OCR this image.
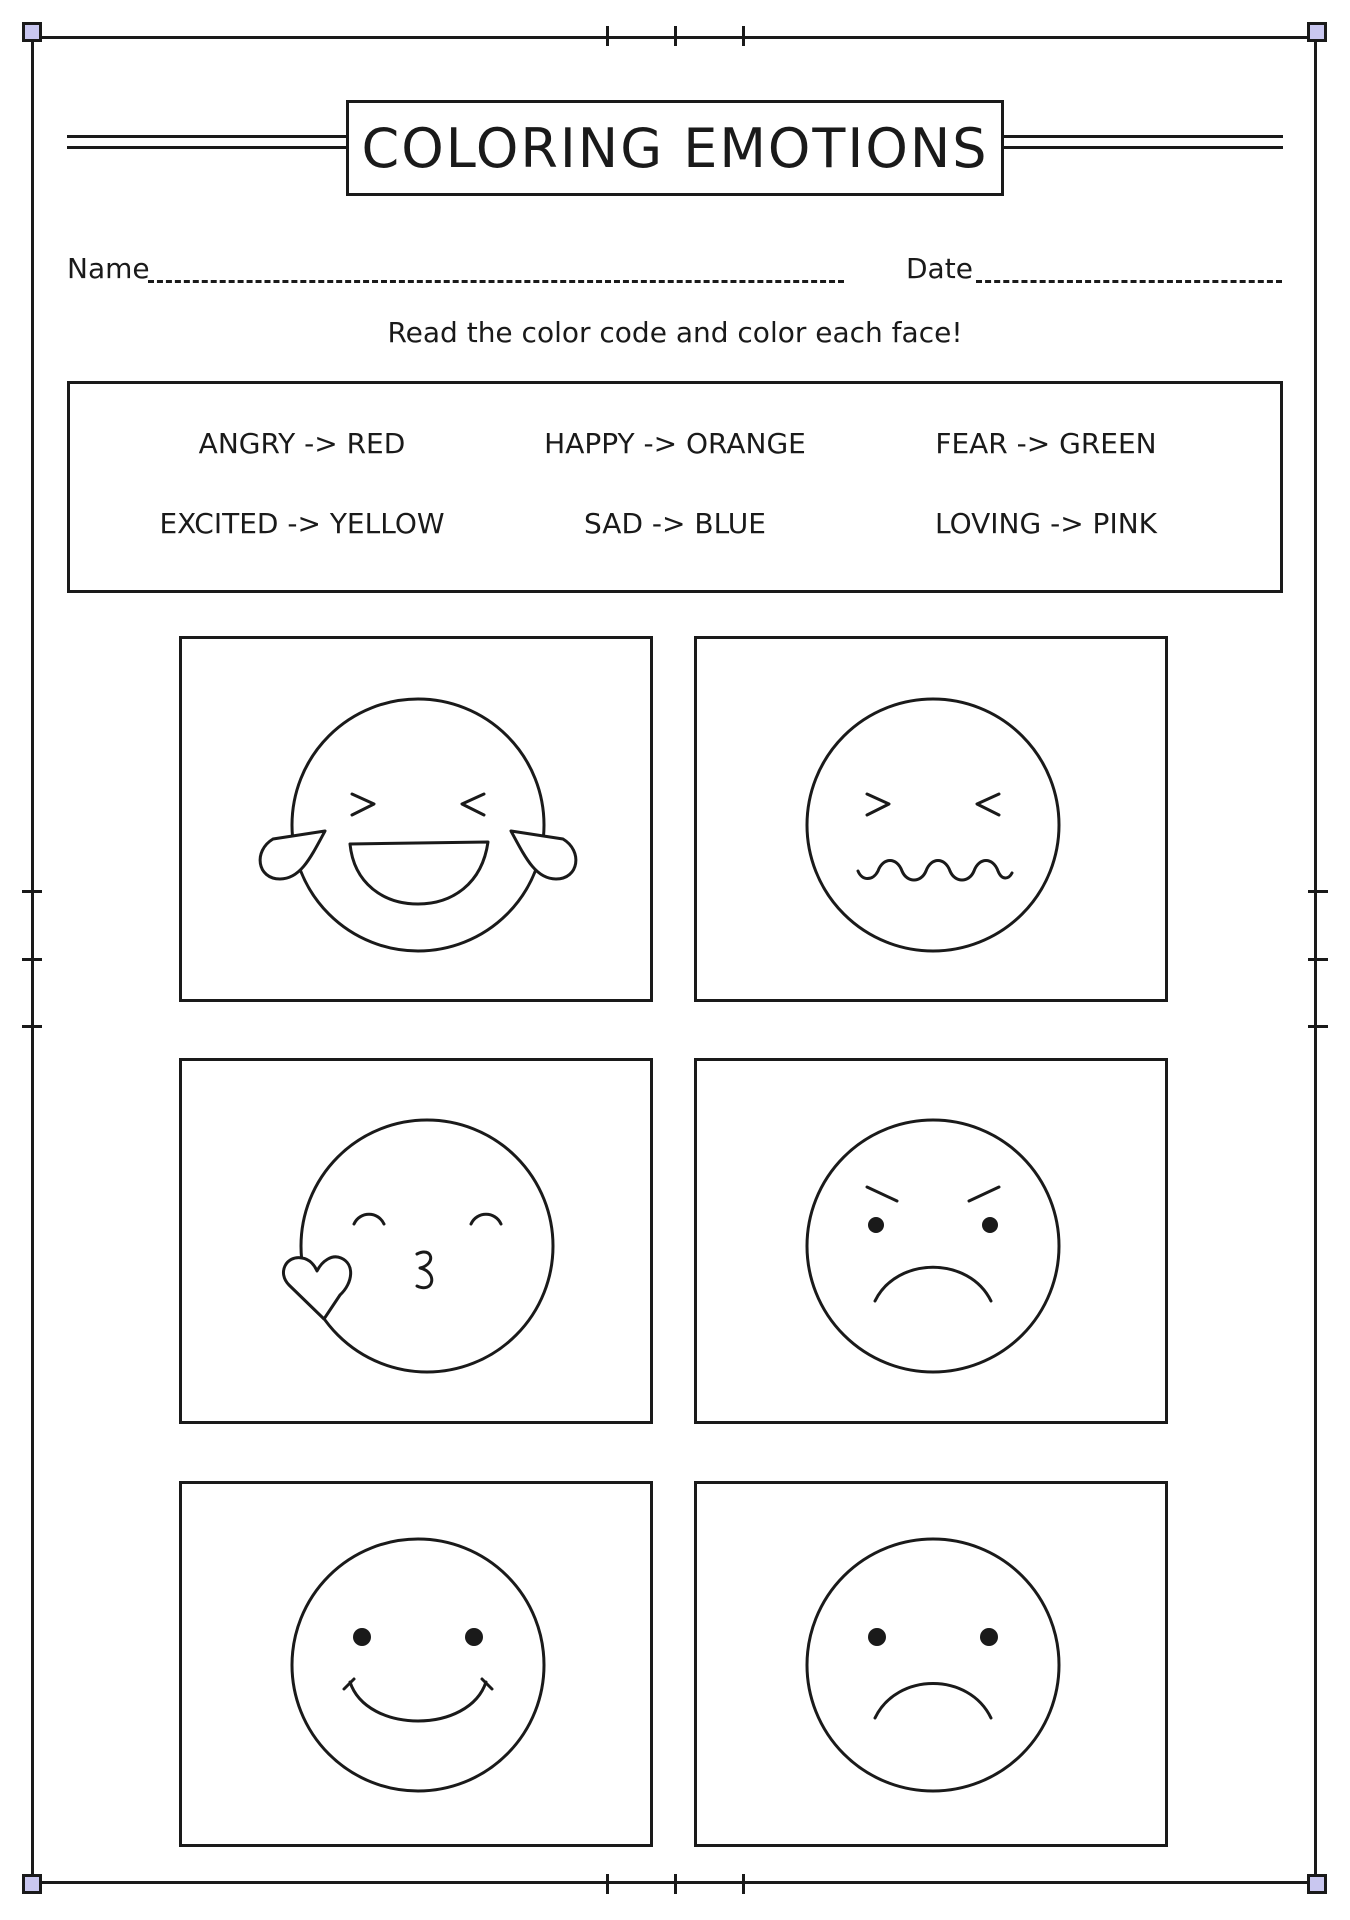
COLORING EMOTIONS
Name	Date
Read the color code and color each face!
ANGRY -> RED	HAPPY -> ORANGE	FEAR -> GREEN
EXCITED -> YELLOW	SAD -> BLUE	LOVING -> PINK
